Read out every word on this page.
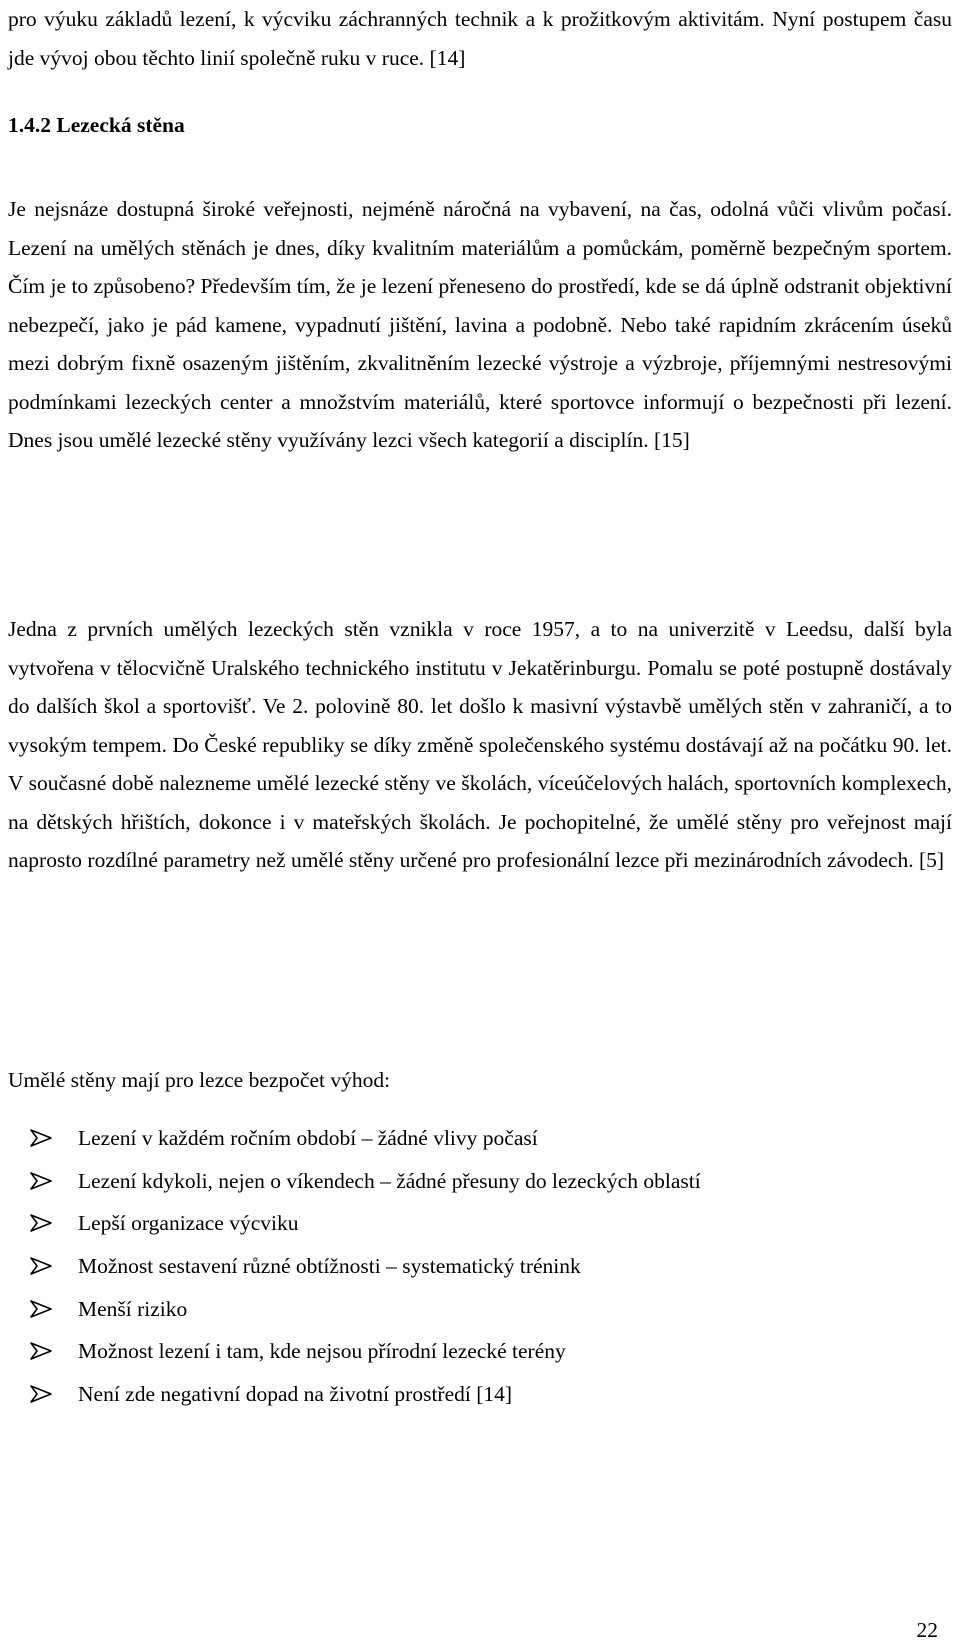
pro výuku základů lezení, k výcviku záchranných technik a k prožitkovým aktivitám. Nyní postupem času jde vývoj obou těchto linií společně ruku v ruce. [14]

1.4.2 Lezecká stěna

Je nejsnáze dostupná široké veřejnosti, nejméně náročná na vybavení, na čas, odolná vůči vlivům počasí. Lezení na umělých stěnách je dnes, díky kvalitním materiálům a pomůckám, poměrně bezpečným sportem. Čím je to způsobeno? Především tím, že je lezení přeneseno do prostředí, kde se dá úplně odstranit objektivní nebezpečí, jako je pád kamene, vypadnutí jištění, lavina a podobně. Nebo také rapidním zkrácením úseků mezi dobrým fixně osazeným jištěním, zkvalitněním lezecké výstroje a výzbroje, příjemnými nestresovými podmínkami lezeckých center a množstvím materiálů, které sportovce informují o bezpečnosti při lezení. Dnes jsou umělé lezecké stěny využívány lezci všech kategorií a disciplín. [15]

Jedna z prvních umělých lezeckých stěn vznikla v roce 1957, a to na univerzitě v Leedsu, další byla vytvořena v tělocvičně Uralského technického institutu v Jekatěrinburgu. Pomalu se poté postupně dostávaly do dalších škol a sportovišť. Ve 2. polovině 80. let došlo k masivní výstavbě umělých stěn v zahraničí, a to vysokým tempem. Do České republiky se díky změně společenského systému dostávají až na počátku 90. let. V současné době nalezneme umělé lezecké stěny ve školách, víceúčelových halách, sportovních komplexech, na dětských hřištích, dokonce i v mateřských školách. Je pochopitelné, že umělé stěny pro veřejnost mají naprosto rozdílné parametry než umělé stěny určené pro profesionální lezce při mezinárodních závodech. [5]

Umělé stěny mají pro lezce bezpočet výhod:

Lezení v každém ročním období – žádné vlivy počasí
Lezení kdykoli, nejen o víkendech – žádné přesuny do lezeckých oblastí
Lepší organizace výcviku
Možnost sestavení různé obtížnosti – systematický trénink
Menší riziko
Možnost lezení i tam, kde nejsou přírodní lezecké terény
Není zde negativní dopad na životní prostředí [14]
22
